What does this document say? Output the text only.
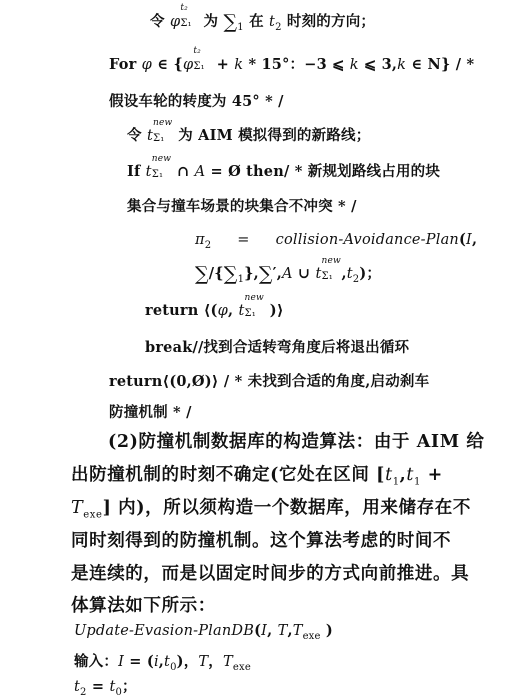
令 φ
t₂
Σ₁ 为 $\sum_1$ 在 $t_2$ 时刻的方向；
For φ ∈ {φ
t₂
Σ₁ + k * 15°：−3 ⩽ k ⩽ 3,k ∈ N} / *
假设车轮的转度为 45° * /
令 t
new
Σ₁ 为 AIM 模拟得到的新路线；
If t
new
Σ₁ ∩ A = Ø then/ * 新规划路线占用的块
集合与撞车场景的块集合不冲突 * /
$\pi_2$ = collision-Avoidance-Plan(I,
$\sum/\{\sum_1\},\sum',A$ ∪ t
new
Σ₁ $,t_2$)；
return ⟨(φ, t
new
Σ₁ )⟩
break//找到合适转弯角度后将退出循环
return⟨(0,Ø)⟩ / * 未找到合适的角度,启动刹车
防撞机制 * /
(2)防撞机制数据库的构造算法：由于 AIM 给
出防撞机制的时刻不确定(它处在区间 [$t_1,t_1$ +
$T_{exe}$] 内)，所以须构造一个数据库，用来储存在不
同时刻得到的防撞机制。这个算法考虑的时间不
是连续的，而是以固定时间步的方式向前推进。具
体算法如下所示：
Update-Evasion-PlanDB(I, $T,T_{exe}$ )
输入：$I = (i,t_0)$，T，$T_{exe}$
$t_2 = t_0$；
